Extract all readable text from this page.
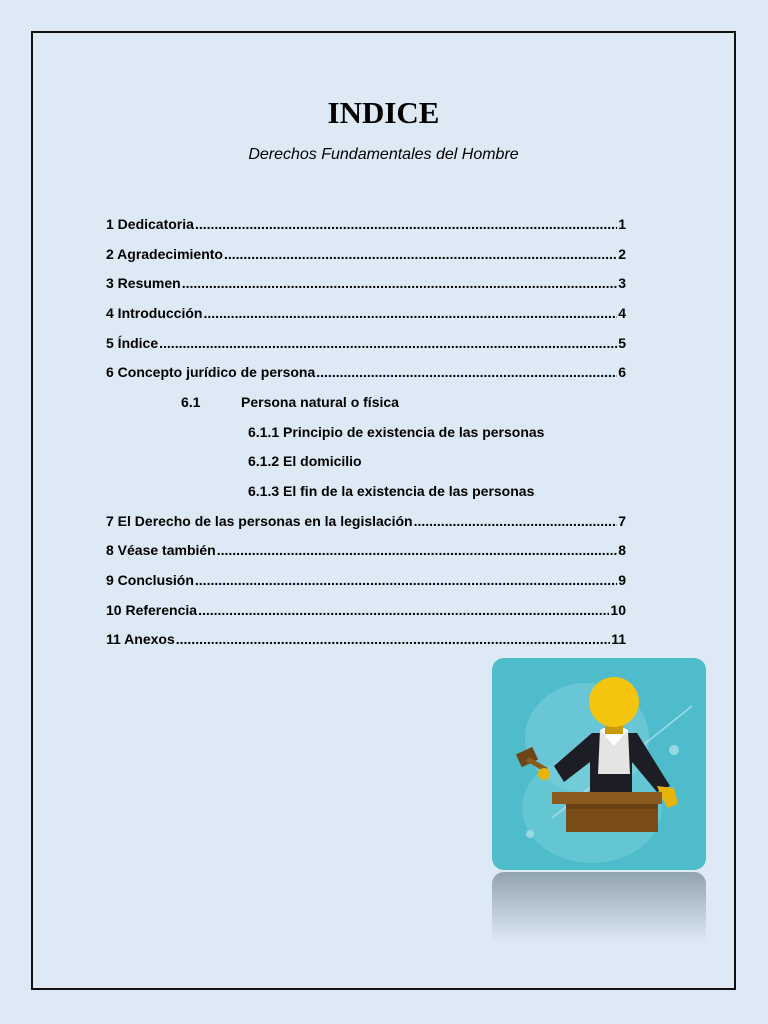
INDICE
Derechos Fundamentales del Hombre
1 Dedicatoria .....	1
2 Agradecimiento .....	2
3 Resumen .....	3
4 Introducción .....	4
5 Índice .....	5
6 Concepto jurídico de persona .....	6
6.1	Persona natural o física
6.1.1 Principio de existencia de las personas
6.1.2 El domicilio
6.1.3 El fin de la existencia de las personas
7 El Derecho de las personas en la legislación .....	7
8 Véase también .....	8
9 Conclusión .....	9
10 Referencia .....	10
11 Anexos .....	11
